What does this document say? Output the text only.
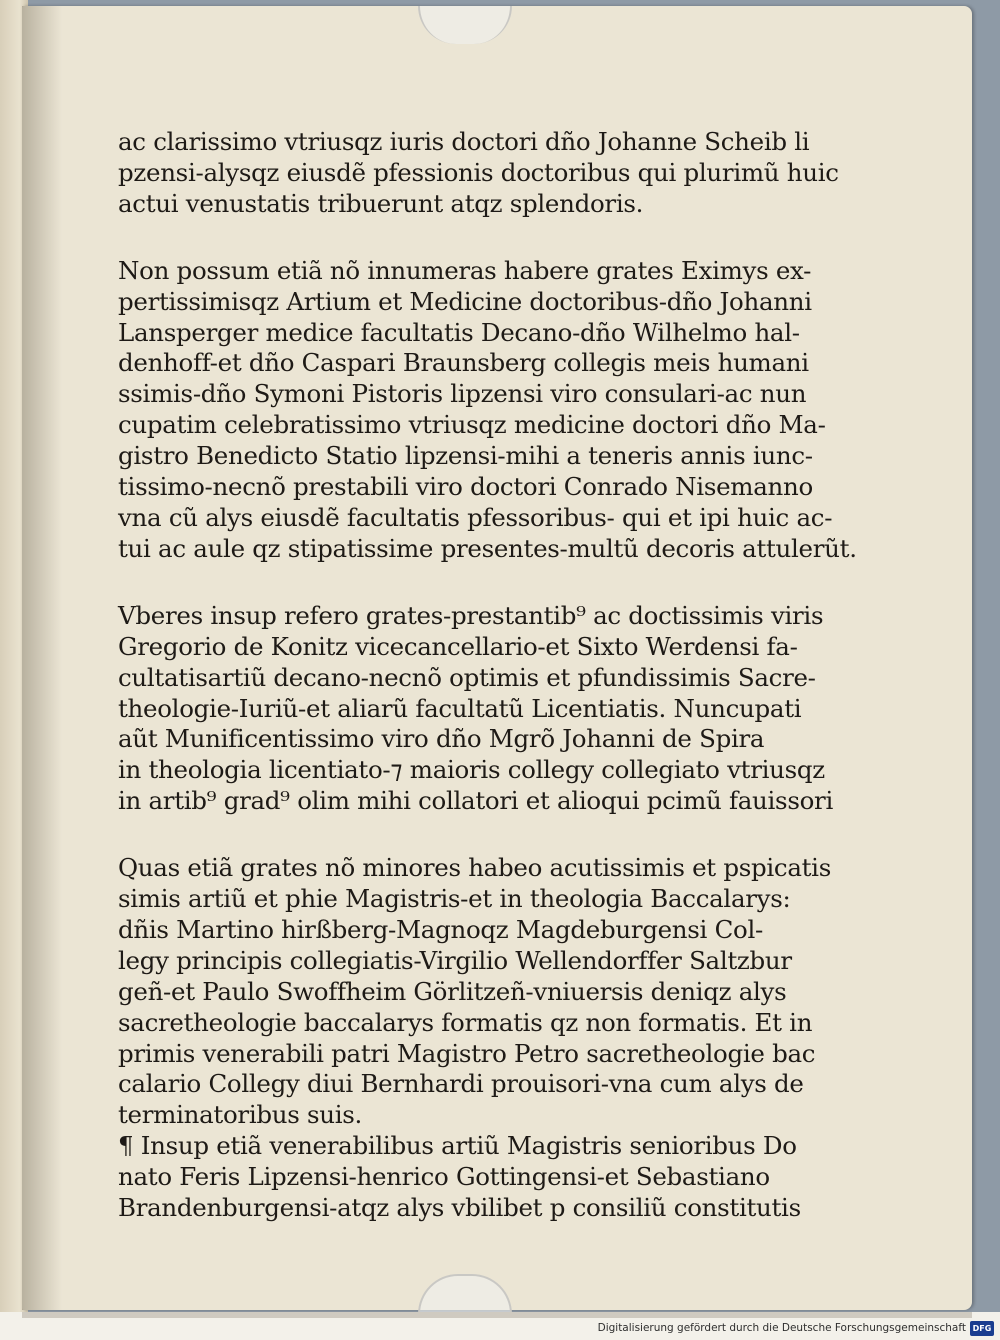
ac clarissimo vtriusqz iuris doctori dño Johanne Scheib li
pzensi-alysqz eiusdẽ pfessionis doctoribus qui plurimũ huic
actui venustatis tribuerunt atqz splendoris.
Non possum etiã nõ innumeras habere grates Eximys ex-
pertissimisqz Artium et Medicine doctoribus-dño Johanni
Lansperger medice facultatis Decano-dño Wilhelmo hal-
denhoff-et dño Caspari Braunsberg collegis meis humani
ssimis-dño Symoni Pistoris lipzensi viro consulari-ac nun
cupatim celebratissimo vtriusqz medicine doctori dño Ma-
gistro Benedicto Statio lipzensi-mihi a teneris annis iunc-
tissimo-necnõ prestabili viro doctori Conrado Nisemanno
vna cũ alys eiusdẽ facultatis pfessoribus- qui et ipi huic ac-
tui ac aule qz stipatissime presentes-multũ decoris attulerũt.
Vberes insup refero grates-prestantib⁹ ac doctissimis viris
Gregorio de Konitz vicecancellario-et Sixto Werdensi fa-
cultatisartiũ decano-necnõ optimis et pfundissimis Sacre-
theologie-Iuriũ-et aliarũ facultatũ Licentiatis. Nuncupati
aũt Munificentissimo viro dño Mgrõ Johanni de Spira
in theologia licentiato-⁊ maioris collegy collegiato vtriusqz
in artib⁹ grad⁹ olim mihi collatori et alioqui pcimũ fauissori
Quas etiã grates nõ minores habeo acutissimis et pspicatis
simis artiũ et phie Magistris-et in theologia Baccalarys:
dñis Martino hirßberg-Magnoqz Magdeburgensi Col-
legy principis collegiatis-Virgilio Wellendorffer Saltzbur
geñ-et Paulo Swoffheim Görlitzeñ-vniuersis deniqz alys
sacretheologie baccalarys formatis qz non formatis. Et in
primis venerabili patri Magistro Petro sacretheologie bac
calario Collegy diui Bernhardi prouisori-vna cum alys de
terminatoribus suis.
¶ Insup etiã venerabilibus artiũ Magistris senioribus Do
nato Feris Lipzensi-henrico Gottingensi-et Sebastiano
Brandenburgensi-atqz alys vbilibet p consiliũ constitutis
Digitalisierung gefördert durch die Deutsche Forschungsgemeinschaft DFG
